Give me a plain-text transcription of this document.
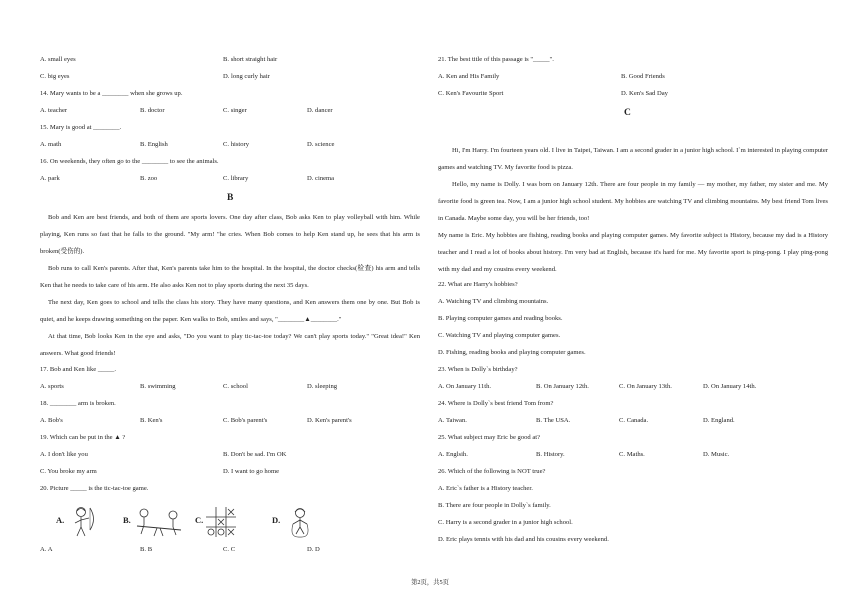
A. small eyes	B. short straight hair
C. big eyes	D. long curly hair
14. Mary wants to be a ________ when she grows up.
A. teacher	B. doctor	C. singer	D. dancer
15. Mary is good at ________.
A. math	B. English	C. history	D. science
16. On weekends, they often go to the ________ to see the animals.
A. park	B. zoo	C. library	D. cinema
B
Bob and Ken are best friends, and both of them are sports lovers. One day after class, Bob asks Ken to play volleyball with him. While playing, Ken runs so fast that he falls to the ground. "My arm! "he cries. When Bob comes to help Ken stand up, he sees that his arm is broken(受伤的).
Bob runs to call Ken's parents. After that, Ken's parents take him to the hospital. In the hospital, the doctor checks(检查) his arm and tells Ken that he needs to take care of his arm. He also asks Ken not to play sports during the next 35 days.
The next day, Ken goes to school and tells the class his story. They have many questions, and Ken answers them one by one. But Bob is quiet, and he keeps drawing something on the paper. Ken walks to Bob, smiles and says, "________▲________."
At that time, Bob looks Ken in the eye and asks, "Do you want to play tic-tac-toe today? We can't play sports today." "Great idea!" Ken answers. What good friends!
17. Bob and Ken like _____.
A. sports	B. swimming	C. school	D. sleeping
18. ________ arm is broken.
A. Bob's	B. Ken's	C. Bob's parent's	D. Ken's parent's
19. Which can be put in the ▲ ?
A. I don't like you	B. Don't be sad. I'm OK
C. You broke my arm	D. I want to go home
20. Picture _____ is the tic-tac-toe game.
A.	B.	C.	D.
A. A	B. B	C. C	D. D
21. The best title of this passage is "_____".
A. Ken and His Family	B. Good Friends
C. Ken's Favourite Sport	D. Ken's Sad Day
C
Hi, I'm Harry. I'm fourteen years old. I live in Taipei, Taiwan. I am a second grader in a junior high school. I`m interested in playing computer games and watching TV. My favorite food is pizza.
Hello, my name is Dolly. I was born on January 12th. There are four people in my family — my mother, my father, my sister and me. My favorite food is green tea. Now, I am a junior high school student. My hobbies are watching TV and climbing mountains. My best friend Tom lives in Canada. Maybe some day, you will be her friends, too!
My name is Eric. My hobbies are fishing, reading books and playing computer games. My favorite subject is History, because my dad is a History teacher and I read a lot of books about history. I'm very bad at English, because it's hard for me. My favorite sport is ping-pong. I play ping-pong with my dad and my cousins every weekend.
22. What are Harry's hobbies?
A. Watching TV and climbing mountains.
B. Playing computer games and reading books.
C. Watching TV and playing computer games.
D. Fishing, reading books and playing computer games.
23. When is Dolly`s birthday?
A. On January 11th.	B. On January 12th.	C. On January 13th.	D. On January 14th.
24. Where is Dolly`s best friend Tom from?
A. Taiwan.	B. The USA.	C. Canada.	D. England.
25. What subject may Eric be good at?
A. Englsih.	B. History.	C. Maths.	D. Music.
26. Which of the following is NOT true?
A. Eric`s father is a History teacher.
B. There are four people in Dolly`s family.
C. Harry is a second grader in a junior high school.
D. Eric plays tennis with his dad and his cousins every weekend.
第2页，共5页
